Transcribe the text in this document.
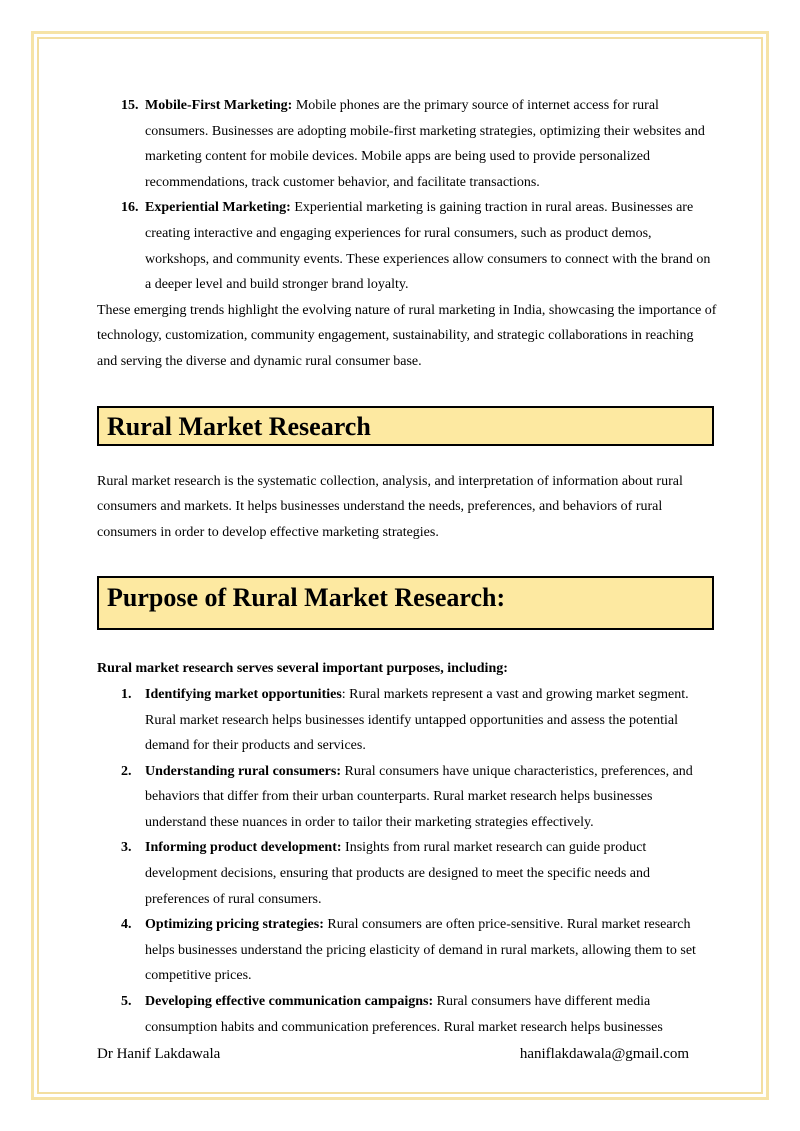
15. Mobile-First Marketing: Mobile phones are the primary source of internet access for rural consumers. Businesses are adopting mobile-first marketing strategies, optimizing their websites and marketing content for mobile devices. Mobile apps are being used to provide personalized recommendations, track customer behavior, and facilitate transactions.
16. Experiential Marketing: Experiential marketing is gaining traction in rural areas. Businesses are creating interactive and engaging experiences for rural consumers, such as product demos, workshops, and community events. These experiences allow consumers to connect with the brand on a deeper level and build stronger brand loyalty.

These emerging trends highlight the evolving nature of rural marketing in India, showcasing the importance of technology, customization, community engagement, sustainability, and strategic collaborations in reaching and serving the diverse and dynamic rural consumer base.

Rural Market Research

Rural market research is the systematic collection, analysis, and interpretation of information about rural consumers and markets. It helps businesses understand the needs, preferences, and behaviors of rural consumers in order to develop effective marketing strategies.

Purpose of Rural Market Research:

Rural market research serves several important purposes, including:

1. Identifying market opportunities: Rural markets represent a vast and growing market segment. Rural market research helps businesses identify untapped opportunities and assess the potential demand for their products and services.
2. Understanding rural consumers: Rural consumers have unique characteristics, preferences, and behaviors that differ from their urban counterparts. Rural market research helps businesses understand these nuances in order to tailor their marketing strategies effectively.
3. Informing product development: Insights from rural market research can guide product development decisions, ensuring that products are designed to meet the specific needs and preferences of rural consumers.
4. Optimizing pricing strategies: Rural consumers are often price-sensitive. Rural market research helps businesses understand the pricing elasticity of demand in rural markets, allowing them to set competitive prices.
5. Developing effective communication campaigns: Rural consumers have different media consumption habits and communication preferences. Rural market research helps businesses
Dr Hanif Lakdawala	haniflakdawala@gmail.com
